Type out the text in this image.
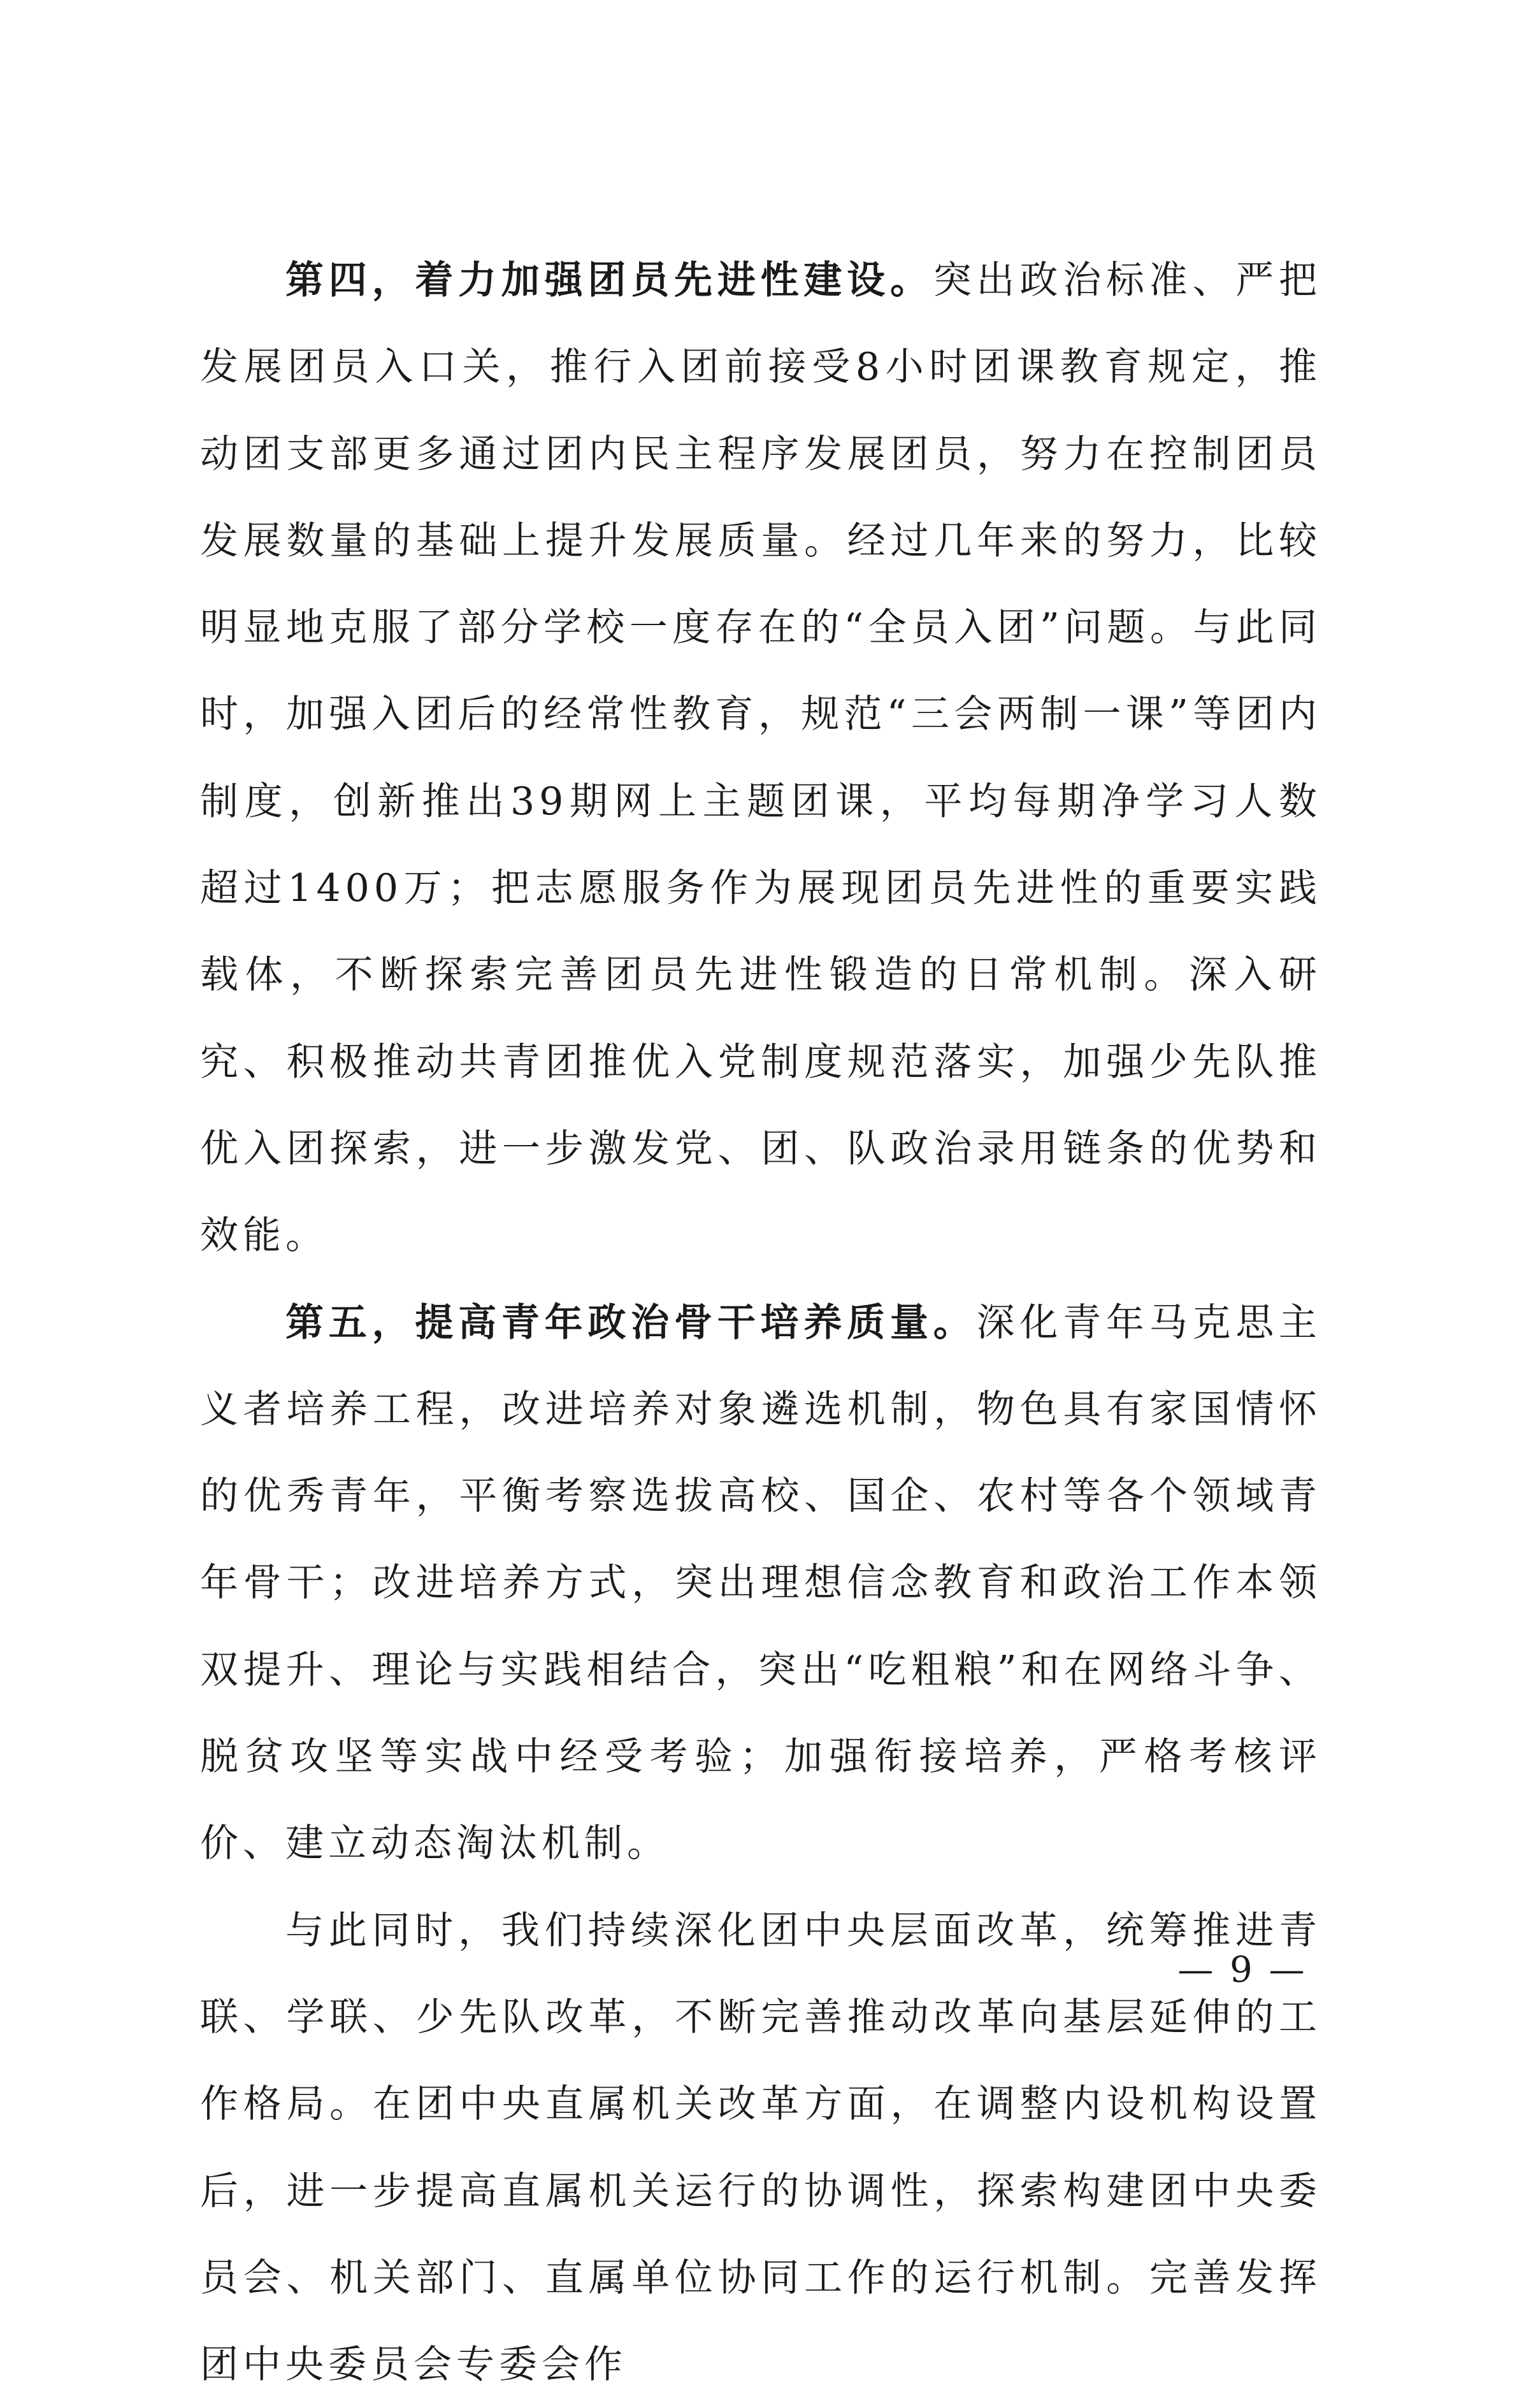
第四，着力加强团员先进性建设。突出政治标准、严把发展团员入口关，推行入团前接受8小时团课教育规定，推动团支部更多通过团内民主程序发展团员，努力在控制团员发展数量的基础上提升发展质量。经过几年来的努力，比较明显地克服了部分学校一度存在的“全员入团”问题。与此同时，加强入团后的经常性教育，规范“三会两制一课”等团内制度，创新推出39期网上主题团课，平均每期净学习人数超过1400万；把志愿服务作为展现团员先进性的重要实践载体，不断探索完善团员先进性锻造的日常机制。深入研究、积极推动共青团推优入党制度规范落实，加强少先队推优入团探索，进一步激发党、团、队政治录用链条的优势和效能。

第五，提高青年政治骨干培养质量。深化青年马克思主义者培养工程，改进培养对象遴选机制，物色具有家国情怀的优秀青年，平衡考察选拔高校、国企、农村等各个领域青年骨干；改进培养方式，突出理想信念教育和政治工作本领双提升、理论与实践相结合，突出“吃粗粮”和在网络斗争、脱贫攻坚等实战中经受考验；加强衔接培养，严格考核评价、建立动态淘汰机制。

与此同时，我们持续深化团中央层面改革，统筹推进青联、学联、少先队改革，不断完善推动改革向基层延伸的工作格局。在团中央直属机关改革方面，在调整内设机构设置后，进一步提高直属机关运行的协调性，探索构建团中央委员会、机关部门、直属单位协同工作的运行机制。完善发挥团中央委员会专委会作

— 9 —
